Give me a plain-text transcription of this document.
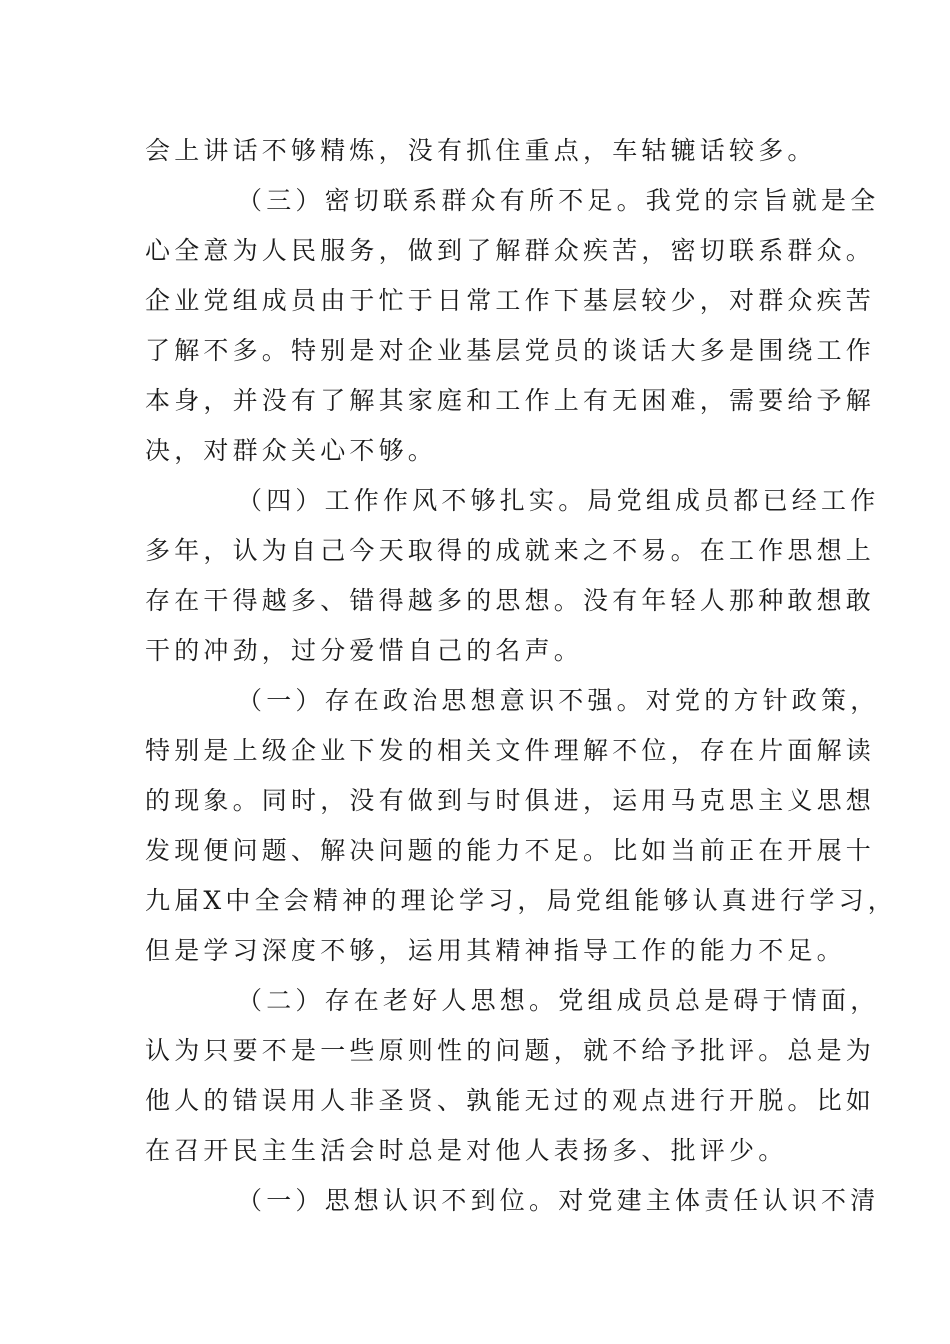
会上讲话不够精炼，没有抓住重点，车轱辘话较多。
（三）密切联系群众有所不足。我党的宗旨就是全
心全意为人民服务，做到了解群众疾苦，密切联系群众。
企业党组成员由于忙于日常工作下基层较少，对群众疾苦
了解不多。特别是对企业基层党员的谈话大多是围绕工作
本身，并没有了解其家庭和工作上有无困难，需要给予解
决，对群众关心不够。
（四）工作作风不够扎实。局党组成员都已经工作
多年，认为自己今天取得的成就来之不易。在工作思想上
存在干得越多、错得越多的思想。没有年轻人那种敢想敢
干的冲劲，过分爱惜自己的名声。
（一）存在政治思想意识不强。对党的方针政策，
特别是上级企业下发的相关文件理解不位，存在片面解读
的现象。同时，没有做到与时俱进，运用马克思主义思想
发现便问题、解决问题的能力不足。比如当前正在开展十
九届X中全会精神的理论学习，局党组能够认真进行学习，
但是学习深度不够，运用其精神指导工作的能力不足。
（二）存在老好人思想。党组成员总是碍于情面，
认为只要不是一些原则性的问题，就不给予批评。总是为
他人的错误用人非圣贤、孰能无过的观点进行开脱。比如
在召开民主生活会时总是对他人表扬多、批评少。
（一）思想认识不到位。对党建主体责任认识不清
